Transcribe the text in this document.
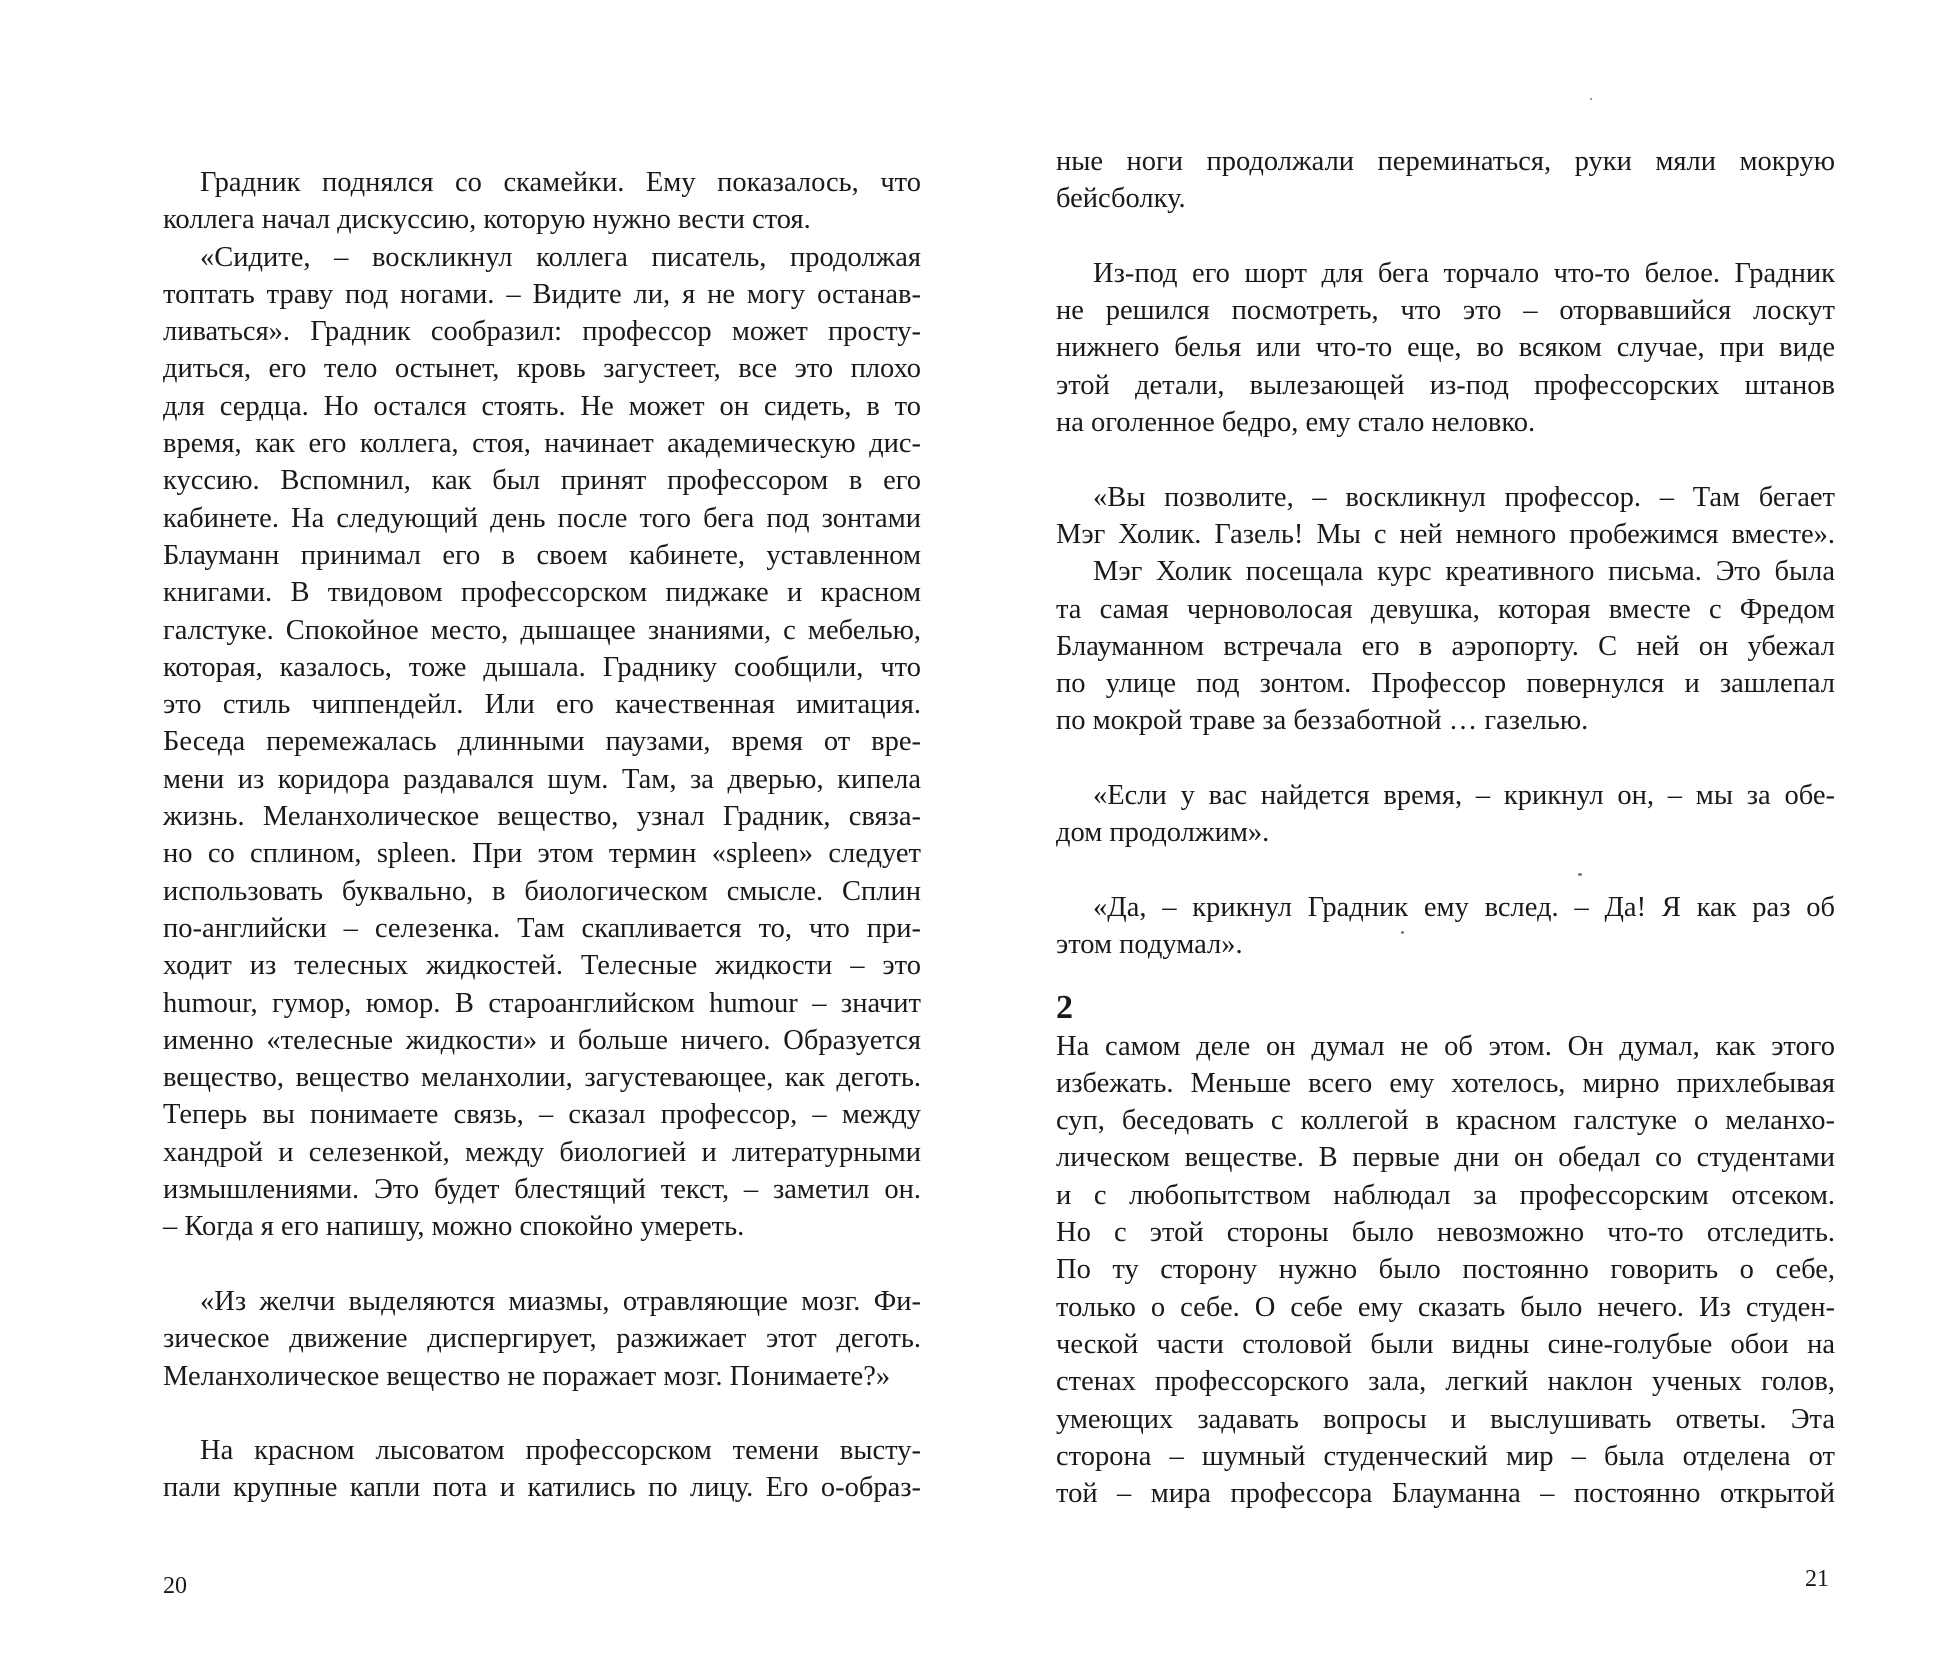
Градник поднялся со скамейки. Ему показалось, что
коллега начал дискуссию, которую нужно вести стоя.
«Сидите, – воскликнул коллега писатель, продолжая
топтать траву под ногами. – Видите ли, я не могу останав-
ливаться». Градник сообразил: профессор может просту-
диться, его тело остынет, кровь загустеет, все это плохо
для сердца. Но остался стоять. Не может он сидеть, в то
время, как его коллега, стоя, начинает академическую дис-
куссию. Вспомнил, как был принят профессором в его
кабинете. На следующий день после того бега под зонтами
Блауманн принимал его в своем кабинете, уставленном
книгами. В твидовом профессорском пиджаке и красном
галстуке. Спокойное место, дышащее знаниями, с мебелью,
которая, казалось, тоже дышала. Граднику сообщили, что
это стиль чиппендейл. Или его качественная имитация.
Беседа перемежалась длинными паузами, время от вре-
мени из коридора раздавался шум. Там, за дверью, кипела
жизнь. Меланхолическое вещество, узнал Градник, связа-
но со сплином, spleen. При этом термин «spleen» следует
использовать буквально, в биологическом смысле. Сплин
по-английски – селезенка. Там скапливается то, что при-
ходит из телесных жидкостей. Телесные жидкости – это
humour, гумор, юмор. В староанглийском humour – значит
именно «телесные жидкости» и больше ничего. Образуется
вещество, вещество меланхолии, загустевающее, как деготь.
Теперь вы понимаете связь, – сказал профессор, – между
хандрой и селезенкой, между биологией и литературными
измышлениями. Это будет блестящий текст, – заметил он.
– Когда я его напишу, можно спокойно умереть.
«Из желчи выделяются миазмы, отравляющие мозг. Фи-
зическое движение диспергирует, разжижает этот деготь.
Меланхолическое вещество не поражает мозг. Понимаете?»
На красном лысоватом профессорском темени высту-
пали крупные капли пота и катились по лицу. Его о-образ-
20
ные ноги продолжали переминаться, руки мяли мокрую
бейсболку.
Из-под его шорт для бега торчало что-то белое. Градник
не решился посмотреть, что это – оторвавшийся лоскут
нижнего белья или что-то еще, во всяком случае, при виде
этой детали, вылезающей из-под профессорских штанов
на оголенное бедро, ему стало неловко.
«Вы позволите, – воскликнул профессор. – Там бегает
Мэг Холик. Газель! Мы с ней немного пробежимся вместе».
Мэг Холик посещала курс креативного письма. Это была
та самая черноволосая девушка, которая вместе с Фредом
Блауманном встречала его в аэропорту. С ней он убежал
по улице под зонтом. Профессор повернулся и зашлепал
по мокрой траве за беззаботной … газелью.
«Если у вас найдется время, – крикнул он, – мы за обе-
дом продолжим».
«Да, – крикнул Градник ему вслед. – Да! Я как раз об
этом подумал».
2
На самом деле он думал не об этом. Он думал, как этого
избежать. Меньше всего ему хотелось, мирно прихлебывая
суп, беседовать с коллегой в красном галстуке о меланхо-
лическом веществе. В первые дни он обедал со студентами
и с любопытством наблюдал за профессорским отсеком.
Но с этой стороны было невозможно что-то отследить.
По ту сторону нужно было постоянно говорить о себе,
только о себе. О себе ему сказать было нечего. Из студен-
ческой части столовой были видны сине-голубые обои на
стенах профессорского зала, легкий наклон ученых голов,
умеющих задавать вопросы и выслушивать ответы. Эта
сторона – шумный студенческий мир – была отделена от
той – мира профессора Блауманна – постоянно открытой
21
